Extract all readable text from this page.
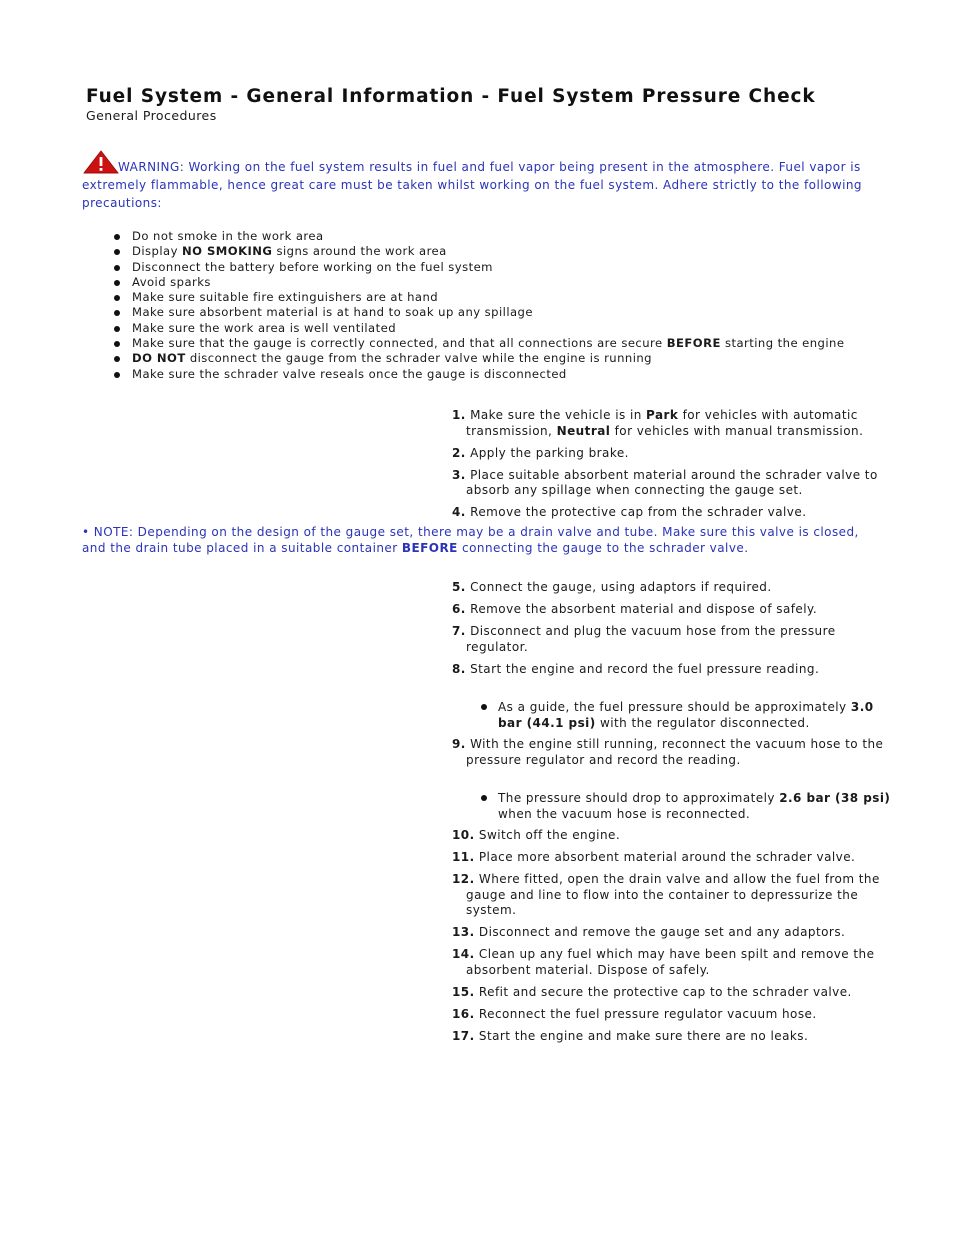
Fuel System - General Information - Fuel System Pressure Check
General Procedures
WARNING: Working on the fuel system results in fuel and fuel vapor being present in the atmosphere. Fuel vapor is extremely flammable, hence great care must be taken whilst working on the fuel system. Adhere strictly to the following precautions:
Do not smoke in the work area
Display NO SMOKING signs around the work area
Disconnect the battery before working on the fuel system
Avoid sparks
Make sure suitable fire extinguishers are at hand
Make sure absorbent material is at hand to soak up any spillage
Make sure the work area is well ventilated
Make sure that the gauge is correctly connected, and that all connections are secure BEFORE starting the engine
DO NOT disconnect the gauge from the schrader valve while the engine is running
Make sure the schrader valve reseals once the gauge is disconnected
1. Make sure the vehicle is in Park for vehicles with automatic transmission, Neutral for vehicles with manual transmission.
2. Apply the parking brake.
3. Place suitable absorbent material around the schrader valve to absorb any spillage when connecting the gauge set.
4. Remove the protective cap from the schrader valve.
• NOTE: Depending on the design of the gauge set, there may be a drain valve and tube. Make sure this valve is closed, and the drain tube placed in a suitable container BEFORE connecting the gauge to the schrader valve.
5. Connect the gauge, using adaptors if required.
6. Remove the absorbent material and dispose of safely.
7. Disconnect and plug the vacuum hose from the pressure regulator.
8. Start the engine and record the fuel pressure reading.
As a guide, the fuel pressure should be approximately 3.0 bar (44.1 psi) with the regulator disconnected.
9. With the engine still running, reconnect the vacuum hose to the pressure regulator and record the reading.
The pressure should drop to approximately 2.6 bar (38 psi) when the vacuum hose is reconnected.
10. Switch off the engine.
11. Place more absorbent material around the schrader valve.
12. Where fitted, open the drain valve and allow the fuel from the gauge and line to flow into the container to depressurize the system.
13. Disconnect and remove the gauge set and any adaptors.
14. Clean up any fuel which may have been spilt and remove the absorbent material. Dispose of safely.
15. Refit and secure the protective cap to the schrader valve.
16. Reconnect the fuel pressure regulator vacuum hose.
17. Start the engine and make sure there are no leaks.
